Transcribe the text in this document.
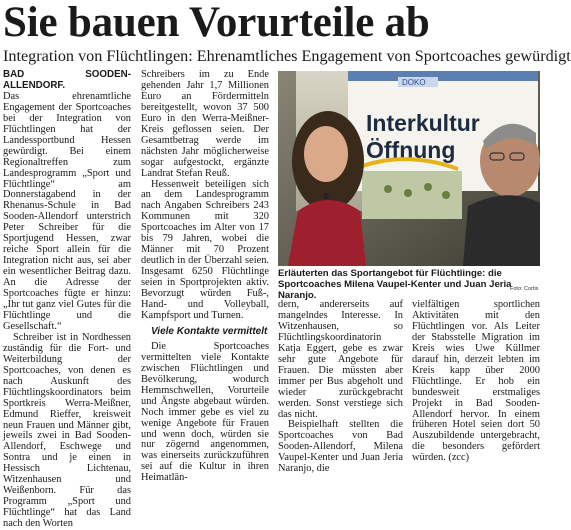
Sie bauen Vorurteile ab
Integration von Flüchtlingen: Ehrenamtliches Engagement von Sportcoaches gewürdigt

BAD SOODEN-ALLENDORF.
Das ehrenamtliche Engagement der Sportcoaches bei der Integration von Flüchtlingen hat der Landessportbund Hessen gewürdigt. Bei einem Regionaltreffen zum Landesprogramm „Sport und Flüchtlinge“ am Donnerstagabend in der Rhenanus-Schule in Bad Sooden-Allendorf unterstrich Peter Schreiber für die Sportjugend Hessen, zwar reiche Sport allein für die Integration nicht aus, sei aber ein wesentlicher Beitrag dazu. An die Adresse der Sportcoaches fügte er hinzu: „Ihr tut ganz viel Gutes für die Flüchtlinge und die Gesellschaft.“

Schreiber ist in Nordhessen zuständig für die Fort- und Weiterbildung der Sportcoaches, von denen es nach Auskunft des Flüchtlingskoordinators beim Sportkreis Werra-Meißner, Edmund Rieffer, kreisweit neun Frauen und Männer gibt, jeweils zwei in Bad Sooden-Allendorf, Eschwege und Sontra und je einen in Hessisch Lichtenau, Witzenhausen und Weißenborn. Für das Programm „Sport und Flüchtlinge“ hat das Land nach den Worten

Schreibers im zu Ende gehenden Jahr 1,7 Millionen Euro an Fördermitteln bereitgestellt, wovon 37 500 Euro in den Werra-Meißner-Kreis geflossen seien. Der Gesamtbetrag werde im nächsten Jahr möglicherweise sogar aufgestockt, ergänzte Landrat Stefan Reuß.

Hessenweit beteiligen sich an dem Landesprogramm nach Angaben Schreibers 243 Kommunen mit 320 Sportcoaches im Alter von 17 bis 79 Jahren, wobei die Männer mit 70 Prozent deutlich in der Überzahl seien. Insgesamt 6250 Flüchtlinge seien in Sportprojekten aktiv. Bevorzugt würden Fuß-, Hand- und Volleyball, Kampfsport und Turnen.

Viele Kontakte vermittelt

Die Sportcoaches vermittelten viele Kontakte zwischen Flüchtlingen und Bevölkerung, wodurch Hemmschwellen, Vorurteile und Ängste abgebaut würden. Noch immer gebe es viel zu wenige Angebote für Frauen und wenn doch, würden sie nur zögernd angenommen, was einerseits zurückzuführen sei auf die Kultur in ihren Heimatlän-

DOKO
Interkultur
Öffnung
Erläuterten das Sportangebot für Flüchtlinge: die Sportcoaches Milena Vaupel-Kenter und Juan Jeria Naranjo.
Foto: Cortis

dern, andererseits auf mangelndes Interesse. In Witzenhausen, so Flüchtlingskoordinatorin Katja Eggert, gebe es zwar sehr gute Angebote für Frauen. Die müssten aber immer per Bus abgeholt und wieder zurückgebracht werden. Sonst verstiege sich das nicht.

Beispielhaft stellten die Sportcoaches von Bad Sooden-Allendorf, Milena Vaupel-Kenter und Juan Jeria Naranjo, die

vielfältigen sportlichen Aktivitäten mit den Flüchtlingen vor. Als Leiter der Stabsstelle Migration im Kreis wies Uwe Küllmer darauf hin, derzeit lebten im Kreis kapp über 2000 Flüchtlinge. Er hob ein bundesweit erstmaliges Projekt in Bad Sooden-Allendorf hervor. In einem früheren Hotel seien dort 50 Auszubildende untergebracht, die besonders gefördert würden. (zcc)
